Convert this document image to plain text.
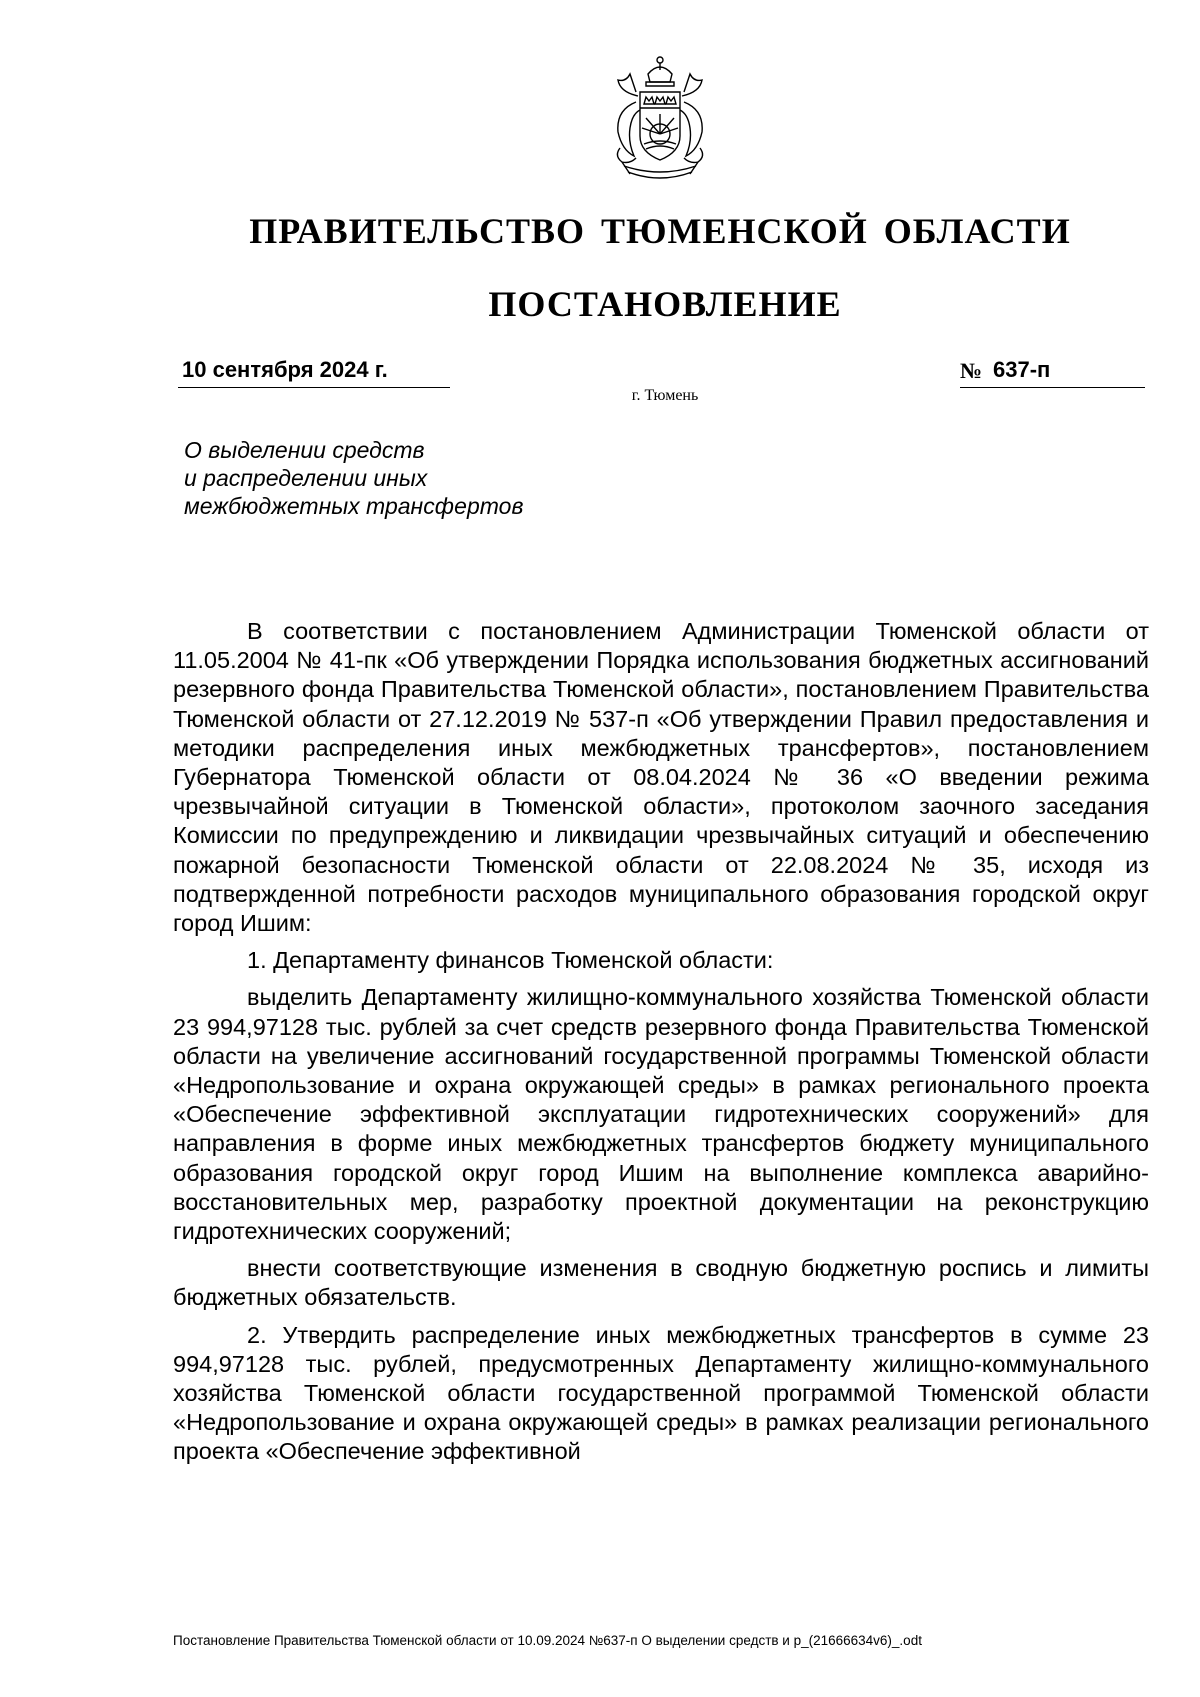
ПРАВИТЕЛЬСТВО ТЮМЕНСКОЙ ОБЛАСТИ
ПОСТАНОВЛЕНИЕ
10 сентября 2024 г.	№ 637-п
г. Тюмень
О выделении средств
и распределении иных
межбюджетных трансфертов

В соответствии с постановлением Администрации Тюменской области от 11.05.2004 № 41-пк «Об утверждении Порядка использования бюджетных ассигнований резервного фонда Правительства Тюменской области», постановлением Правительства Тюменской области от 27.12.2019 № 537-п «Об утверждении Правил предоставления и методики распределения иных межбюджетных трансфертов», постановлением Губернатора Тюменской области от 08.04.2024 № 36 «О введении режима чрезвычайной ситуации в Тюменской области», протоколом заочного заседания Комиссии по предупреждению и ликвидации чрезвычайных ситуаций и обеспечению пожарной безопасности Тюменской области от 22.08.2024 № 35, исходя из подтвержденной потребности расходов муниципального образования городской округ город Ишим:

1. Департаменту финансов Тюменской области:

выделить Департаменту жилищно-коммунального хозяйства Тюменской области 23 994,97128 тыс. рублей за счет средств резервного фонда Правительства Тюменской области на увеличение ассигнований государственной программы Тюменской области «Недропользование и охрана окружающей среды» в рамках регионального проекта «Обеспечение эффективной эксплуатации гидротехнических сооружений» для направления в форме иных межбюджетных трансфертов бюджету муниципального образования городской округ город Ишим на выполнение комплекса аварийно-восстановительных мер, разработку проектной документации на реконструкцию гидротехнических сооружений;

внести соответствующие изменения в сводную бюджетную роспись и лимиты бюджетных обязательств.

2. Утвердить распределение иных межбюджетных трансфертов в сумме 23 994,97128 тыс. рублей, предусмотренных Департаменту жилищно-коммунального хозяйства Тюменской области государственной программой Тюменской области «Недропользование и охрана окружающей среды» в рамках реализации регионального проекта «Обеспечение эффективной

Постановление Правительства Тюменской области от 10.09.2024 №637-п О выделении средств и р_(21666634v6)_.odt
